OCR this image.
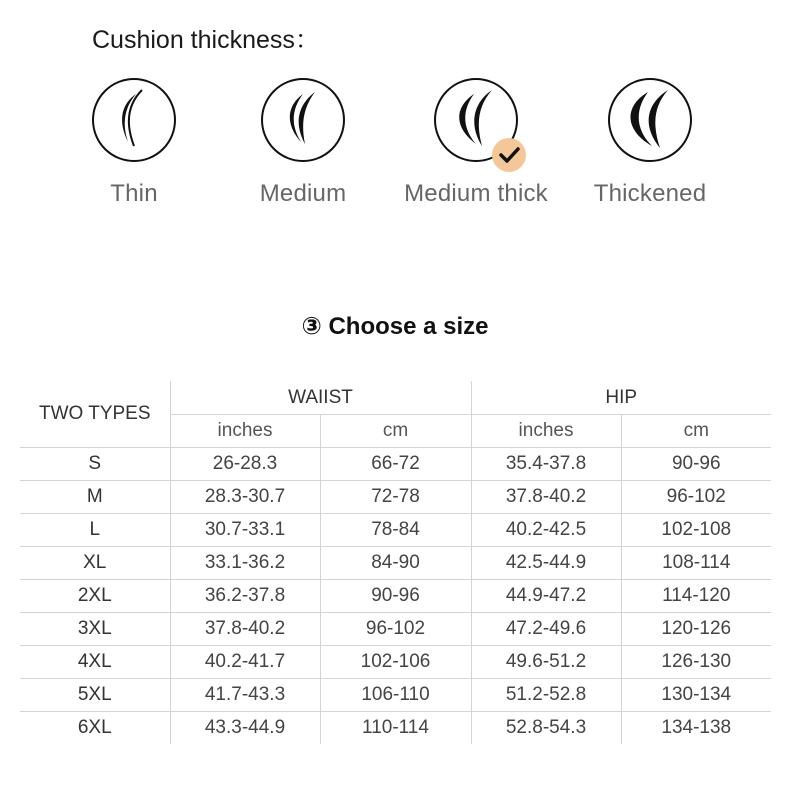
Cushion thickness：
Thin	Medium	Medium thick	Thickened
③ Choose a size
TWO TYPES	WAIIST		HIP	
	inches	cm	inches	cm
S	26-28.3	66-72	35.4-37.8	90-96
M	28.3-30.7	72-78	37.8-40.2	96-102
L	30.7-33.1	78-84	40.2-42.5	102-108
XL	33.1-36.2	84-90	42.5-44.9	108-114
2XL	36.2-37.8	90-96	44.9-47.2	114-120
3XL	37.8-40.2	96-102	47.2-49.6	120-126
4XL	40.2-41.7	102-106	49.6-51.2	126-130
5XL	41.7-43.3	106-110	51.2-52.8	130-134
6XL	43.3-44.9	110-114	52.8-54.3	134-138
